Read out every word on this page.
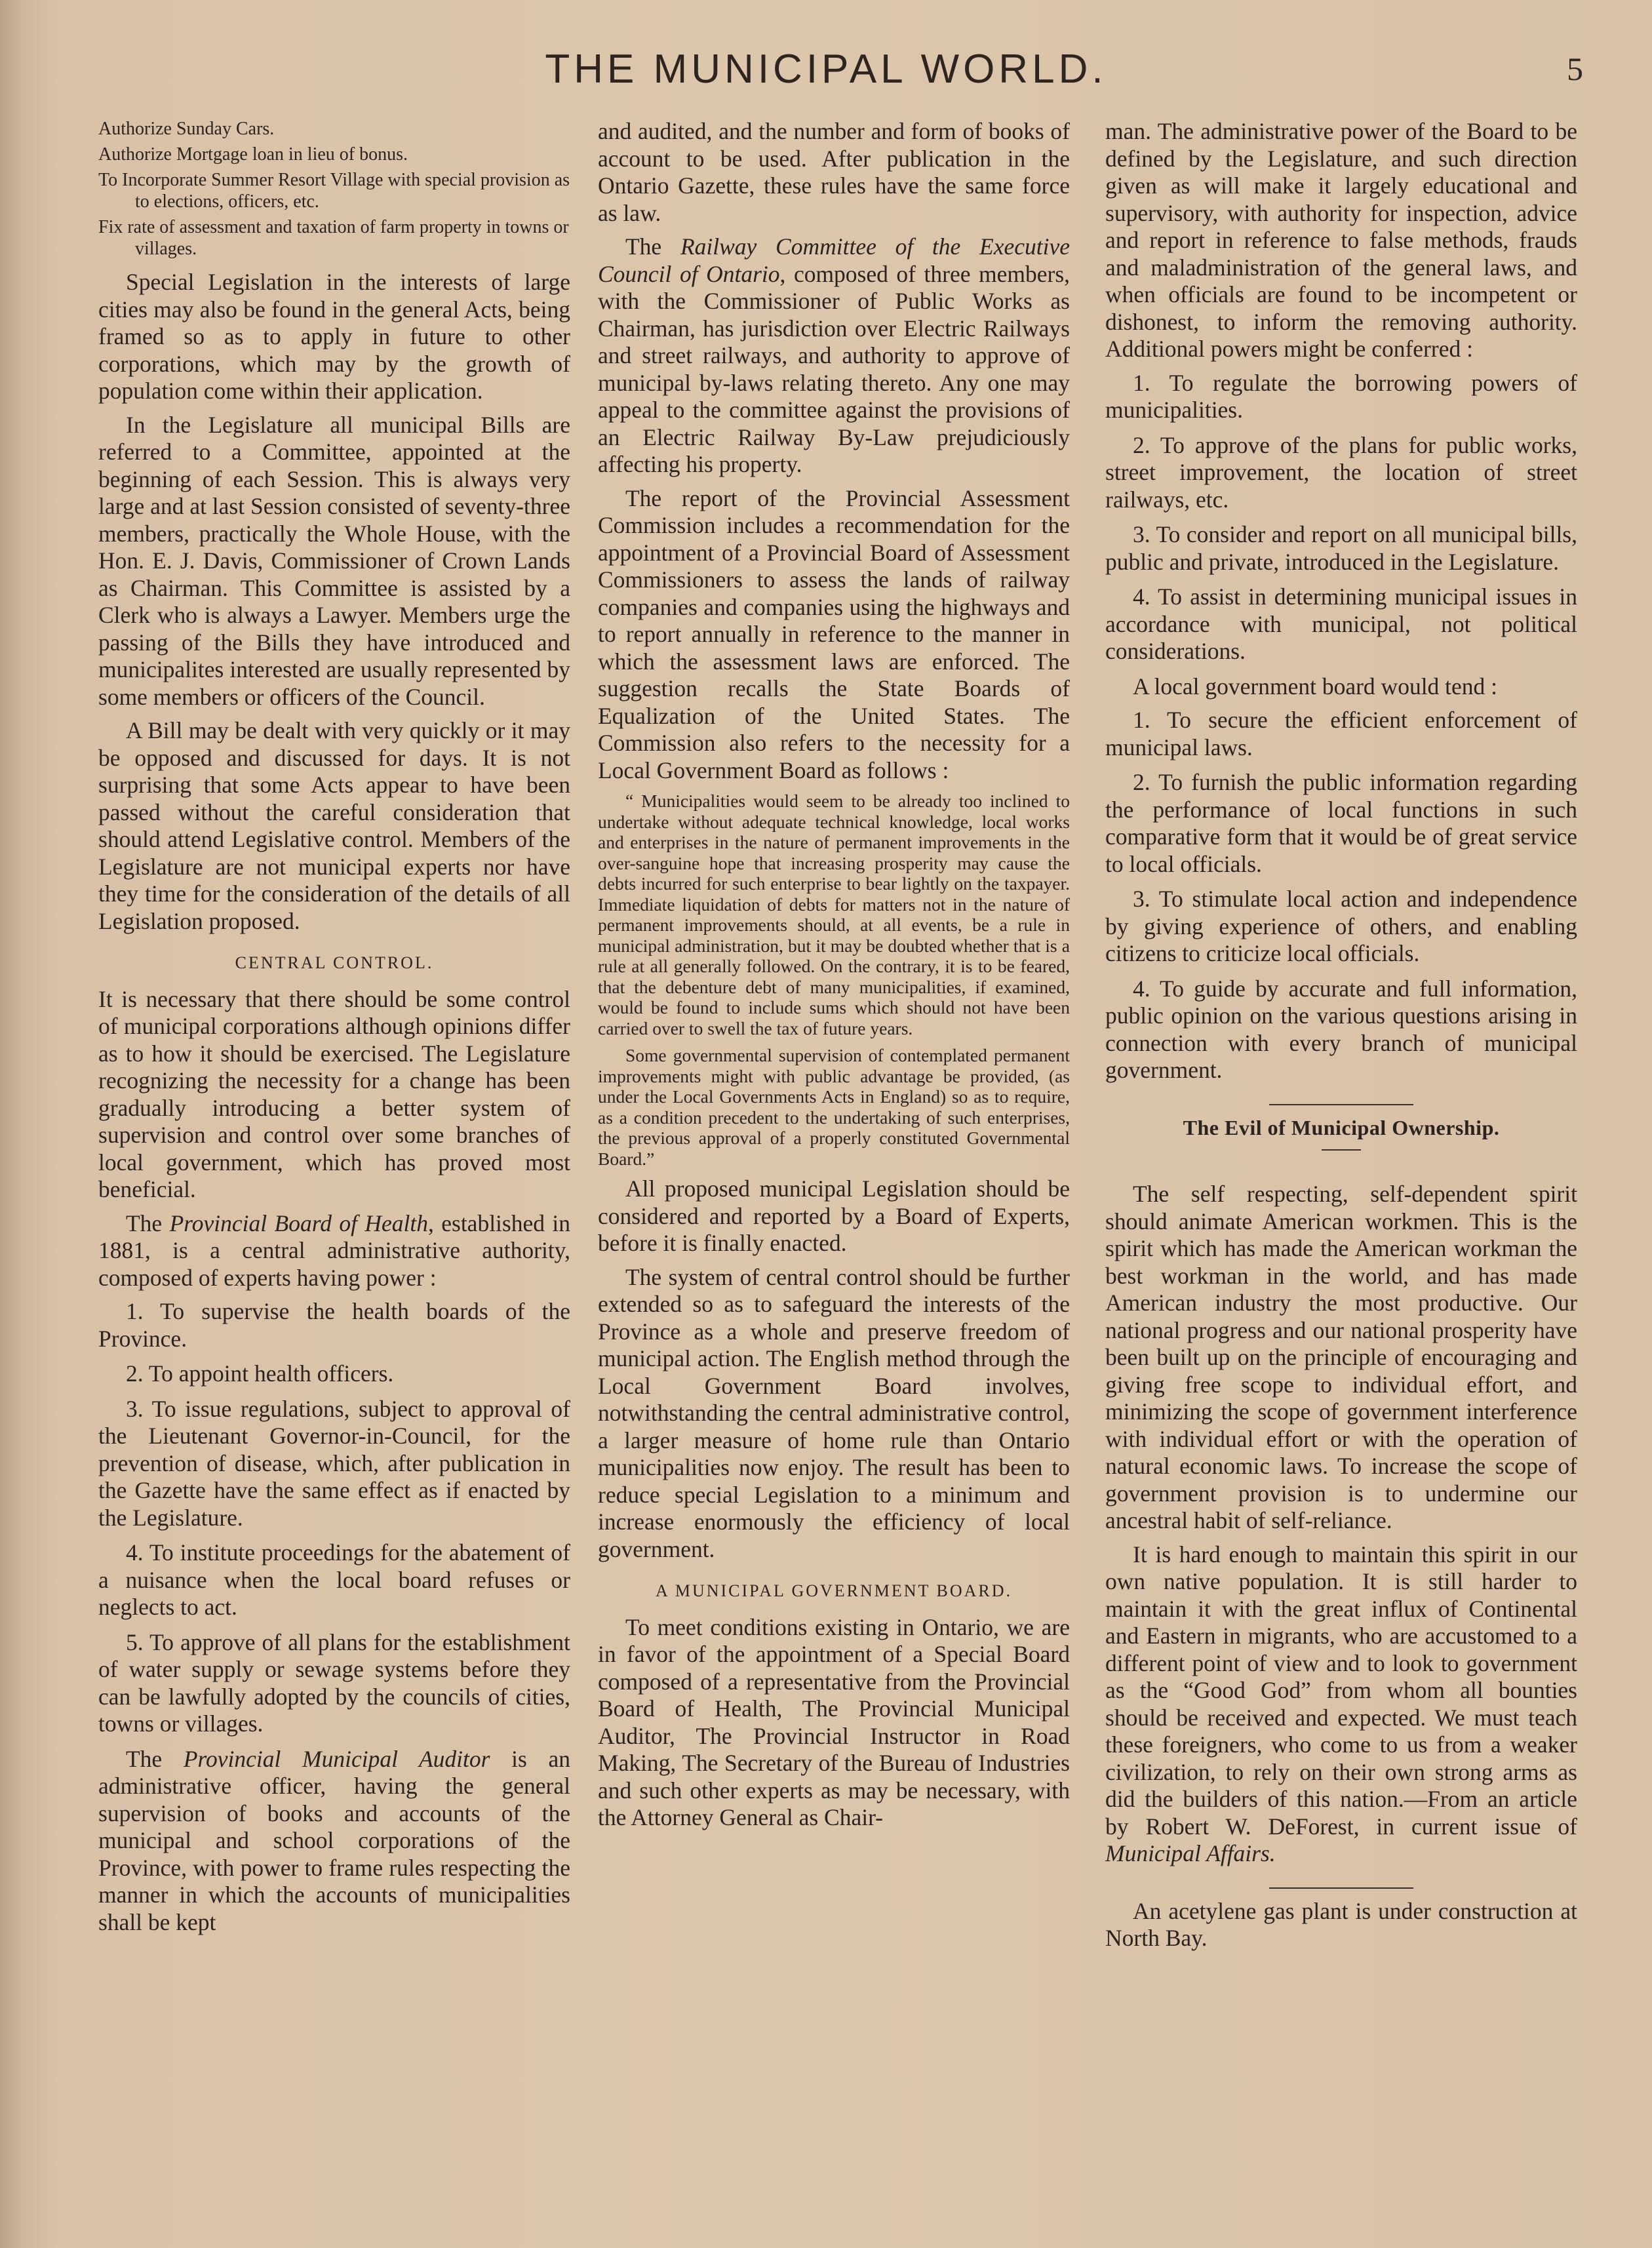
THE MUNICIPAL WORLD.	5
Authorize Sunday Cars.
Authorize Mortgage loan in lieu of bonus.
To Incorporate Summer Resort Village with special provision as to elections, officers, etc.
Fix rate of assessment and taxation of farm property in towns or villages.

Special Legislation in the interests of large cities may also be found in the general Acts, being framed so as to apply in future to other corporations, which may by the growth of population come within their application.

In the Legislature all municipal Bills are referred to a Committee, appointed at the beginning of each Session. This is always very large and at last Session consisted of seventy-three members, practically the Whole House, with the Hon. E. J. Davis, Commissioner of Crown Lands as Chairman. This Committee is assisted by a Clerk who is always a Lawyer. Members urge the passing of the Bills they have introduced and municipalites interested are usually represented by some members or officers of the Council.

A Bill may be dealt with very quickly or it may be opposed and discussed for days. It is not surprising that some Acts appear to have been passed without the careful consideration that should attend Legislative control. Members of the Legislature are not municipal experts nor have they time for the consideration of the details of all Legislation proposed.

CENTRAL CONTROL.

It is necessary that there should be some control of municipal corporations although opinions differ as to how it should be exercised. The Legislature recognizing the necessity for a change has been gradually introducing a better system of supervision and control over some branches of local government, which has proved most beneficial.

The Provincial Board of Health, established in 1881, is a central administrative authority, composed of experts having power :

1. To supervise the health boards of the Province.
2. To appoint health officers.
3. To issue regulations, subject to approval of the Lieutenant Governor-in-Council, for the prevention of disease, which, after publication in the Gazette have the same effect as if enacted by the Legislature.
4. To institute proceedings for the abatement of a nuisance when the local board refuses or neglects to act.
5. To approve of all plans for the establishment of water supply or sewage systems before they can be lawfully adopted by the councils of cities, towns or villages.

The Provincial Municipal Auditor is an administrative officer, having the general supervision of books and accounts of the municipal and school corporations of the Province, with power to frame rules respecting the manner in which the accounts of municipalities shall be kept

and audited, and the number and form of books of account to be used. After publication in the Ontario Gazette, these rules have the same force as law.

The Railway Committee of the Executive Council of Ontario, composed of three members, with the Commissioner of Public Works as Chairman, has jurisdiction over Electric Railways and street railways, and authority to approve of municipal by-laws relating thereto. Any one may appeal to the committee against the provisions of an Electric Railway By-Law prejudiciously affecting his property.

The report of the Provincial Assessment Commission includes a recommendation for the appointment of a Provincial Board of Assessment Commissioners to assess the lands of railway companies and companies using the highways and to report annually in reference to the manner in which the assessment laws are enforced. The suggestion recalls the State Boards of Equalization of the United States. The Commission also refers to the necessity for a Local Government Board as follows :

“ Municipalities would seem to be already too inclined to undertake without adequate technical knowledge, local works and enterprises in the nature of permanent improvements in the over-sanguine hope that increasing prosperity may cause the debts incurred for such enterprise to bear lightly on the taxpayer. Immediate liquidation of debts for matters not in the nature of permanent improvements should, at all events, be a rule in municipal administration, but it may be doubted whether that is a rule at all generally followed. On the contrary, it is to be feared, that the debenture debt of many municipalities, if examined, would be found to include sums which should not have been carried over to swell the tax of future years.

Some governmental supervision of contemplated permanent improvements might with public advantage be provided, (as under the Local Governments Acts in England) so as to require, as a condition precedent to the undertaking of such enterprises, the previous approval of a properly constituted Governmental Board.”

All proposed municipal Legislation should be considered and reported by a Board of Experts, before it is finally enacted.

The system of central control should be further extended so as to safeguard the interests of the Province as a whole and preserve freedom of municipal action. The English method through the Local Government Board involves, notwithstanding the central administrative control, a larger measure of home rule than Ontario municipalities now enjoy. The result has been to reduce special Legislation to a minimum and increase enormously the efficiency of local government.

A MUNICIPAL GOVERNMENT BOARD.

To meet conditions existing in Ontario, we are in favor of the appointment of a Special Board composed of a representative from the Provincial Board of Health, The Provincial Municipal Auditor, The Provincial Instructor in Road Making, The Secretary of the Bureau of Industries and such other experts as may be necessary, with the Attorney General as Chair-

man. The administrative power of the Board to be defined by the Legislature, and such direction given as will make it largely educational and supervisory, with authority for inspection, advice and report in reference to false methods, frauds and maladministration of the general laws, and when officials are found to be incompetent or dishonest, to inform the removing authority. Additional powers might be conferred :

1. To regulate the borrowing powers of municipalities.
2. To approve of the plans for public works, street improvement, the location of street railways, etc.
3. To consider and report on all municipal bills, public and private, introduced in the Legislature.
4. To assist in determining municipal issues in accordance with municipal, not political considerations.

A local government board would tend :

1. To secure the efficient enforcement of municipal laws.
2. To furnish the public information regarding the performance of local functions in such comparative form that it would be of great service to local officials.
3. To stimulate local action and independence by giving experience of others, and enabling citizens to criticize local officials.
4. To guide by accurate and full information, public opinion on the various questions arising in connection with every branch of municipal government.
The Evil of Municipal Ownership.

The self respecting, self-dependent spirit should animate American workmen. This is the spirit which has made the American workman the best workman in the world, and has made American industry the most productive. Our national progress and our national prosperity have been built up on the principle of encouraging and giving free scope to individual effort, and minimizing the scope of government interference with individual effort or with the operation of natural economic laws. To increase the scope of government provision is to undermine our ancestral habit of self-reliance.

It is hard enough to maintain this spirit in our own native population. It is still harder to maintain it with the great influx of Continental and Eastern in migrants, who are accustomed to a different point of view and to look to government as the “Good God” from whom all bounties should be received and expected. We must teach these foreigners, who come to us from a weaker civilization, to rely on their own strong arms as did the builders of this nation.—From an article by Robert W. DeForest, in current issue of Municipal Affairs.

An acetylene gas plant is under construction at North Bay.
